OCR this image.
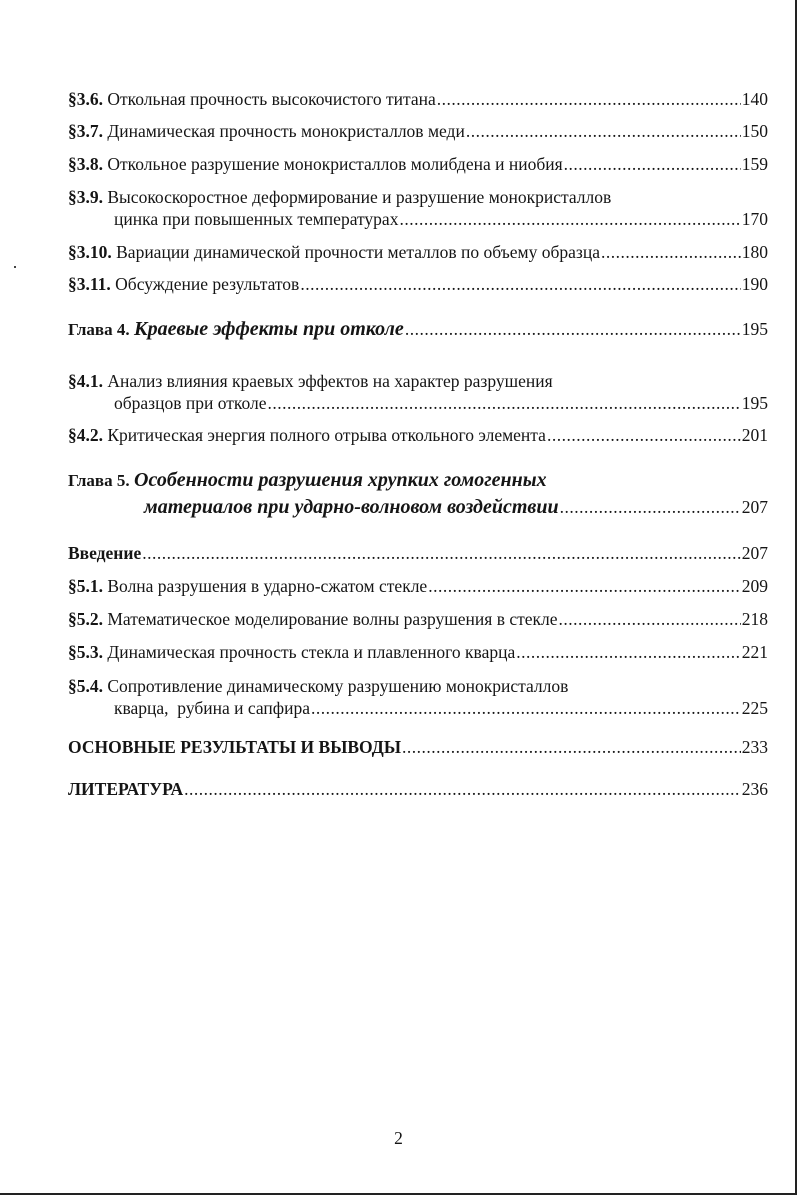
§3.6. Откольная прочность высокочистого титана .....	140
§3.7. Динамическая прочность монокристаллов меди .....	150
§3.8. Откольное разрушение монокристаллов молибдена и ниобия .....	159
§3.9. Высокоскоростное деформирование и разрушение монокристаллов
цинка при повышенных температурах .....	170
§3.10. Вариации динамической прочности металлов по объему образца .....	180
§3.11. Обсуждение результатов .....	190
Глава 4. Краевые эффекты при отколе .....	195
§4.1. Анализ влияния краевых эффектов на характер разрушения
образцов при отколе .....	195
§4.2. Критическая энергия полного отрыва откольного элемента .....	201
Глава 5. Особенности разрушения хрупких гомогенных
материалов при ударно-волновом воздействии .....	207
Введение .....	207
§5.1. Волна разрушения в ударно-сжатом стекле .....	209
§5.2. Математическое моделирование волны разрушения в стекле .....	218
§5.3. Динамическая прочность стекла и плавленного кварца .....	221
§5.4. Сопротивление динамическому разрушению монокристаллов
кварца,  рубина и сапфира .....	225
ОСНОВНЫЕ РЕЗУЛЬТАТЫ И ВЫВОДЫ .....	233
ЛИТЕРАТУРА .....	236
2
